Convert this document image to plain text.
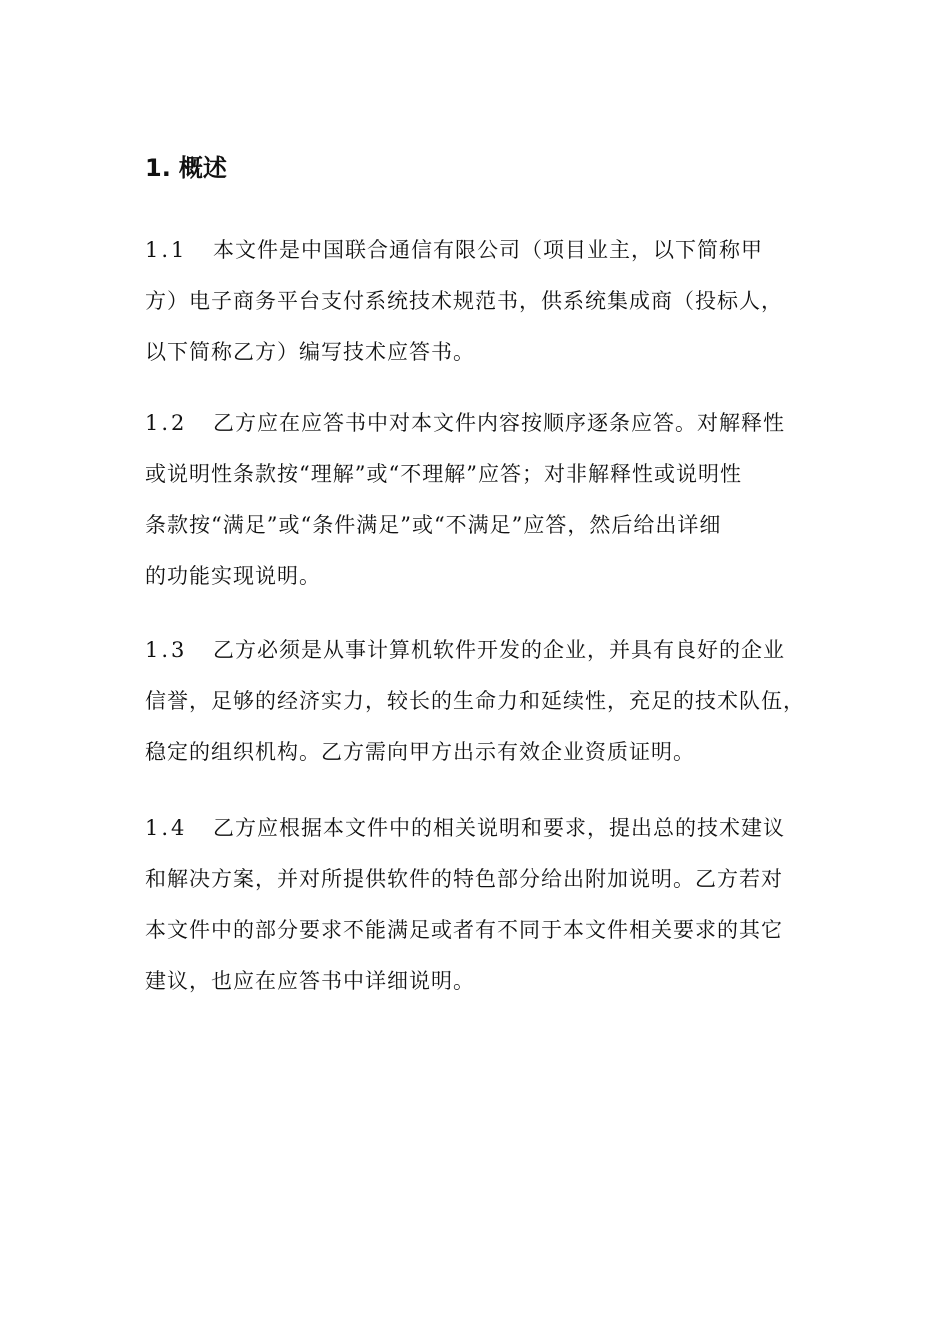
1. 概述
1.1 本文件是中国联合通信有限公司（项目业主，以下简称甲
方）电子商务平台支付系统技术规范书，供系统集成商（投标人，
以下简称乙方）编写技术应答书。
1.2 乙方应在应答书中对本文件内容按顺序逐条应答。对解释性
或说明性条款按“理解”或“不理解”应答；对非解释性或说明性
条款按“满足”或“条件满足”或“不满足”应答，然后给出详细
的功能实现说明。
1.3 乙方必须是从事计算机软件开发的企业，并具有良好的企业
信誉，足够的经济实力，较长的生命力和延续性，充足的技术队伍，
稳定的组织机构。乙方需向甲方出示有效企业资质证明。
1.4 乙方应根据本文件中的相关说明和要求，提出总的技术建议
和解决方案，并对所提供软件的特色部分给出附加说明。乙方若对
本文件中的部分要求不能满足或者有不同于本文件相关要求的其它
建议，也应在应答书中详细说明。
